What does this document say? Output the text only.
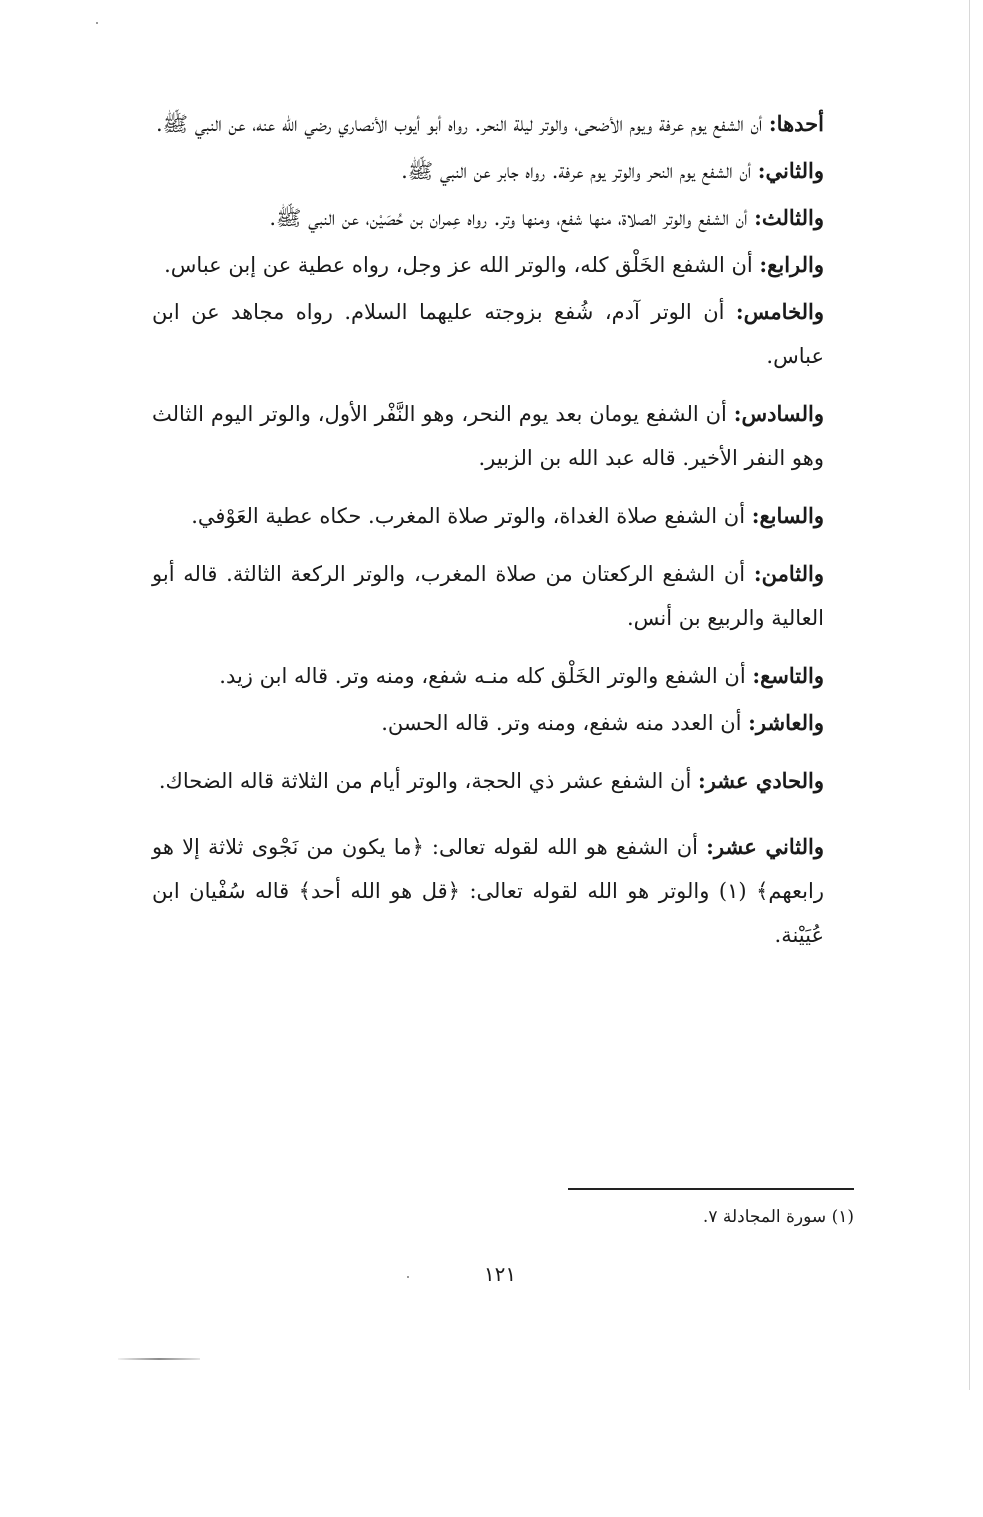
أحدها: أن الشفع يوم عرفة ويوم الأضحى، والوتر ليلة النحر. رواه أبو أيوب الأنصاري رضي الله عنه، عن النبي ﷺ.

والثاني: أن الشفع يوم النحر والوتر يوم عرفة. رواه جابر عن النبي ﷺ.

والثالث: أن الشفع والوتر الصلاة، منها شفع، ومنها وتر. رواه عِمران بن حُصَيْن، عن النبي ﷺ.

والرابع: أن الشفع الخَلْق كله، والوتر الله عز وجل، رواه عطية عن إبن عباس.

والخامس: أن الوتر آدم، شُفع بزوجته عليهما السلام. رواه مجاهد عن ابن عباس.

والسادس: أن الشفع يومان بعد يوم النحر، وهو النَّفْر الأول، والوتر اليوم الثالث وهو النفر الأخير. قاله عبد الله بن الزبير.

والسابع: أن الشفع صلاة الغداة، والوتر صلاة المغرب. حكاه عطية العَوْفي.

والثامن: أن الشفع الركعتان من صلاة المغرب، والوتر الركعة الثالثة. قاله أبو العالية والربيع بن أنس.

والتاسع: أن الشفع والوتر الخَلْق كله منـه شفع، ومنه وتر. قاله ابن زيد.

والعاشر: أن العدد منه شفع، ومنه وتر. قاله الحسن.

والحادي عشر: أن الشفع عشر ذي الحجة، والوتر أيام من الثلاثة قاله الضحاك.

والثاني عشر: أن الشفع هو الله لقوله تعالى: ﴿ما يكون من نَجْوى ثلاثة إلا هو رابعهم﴾ (١) والوتر هو الله لقوله تعالى: ﴿قل هو الله أحد﴾ قاله سُفْيان ابن عُيَيْنة.

(١) سورة المجادلة ٧.
١٢١
